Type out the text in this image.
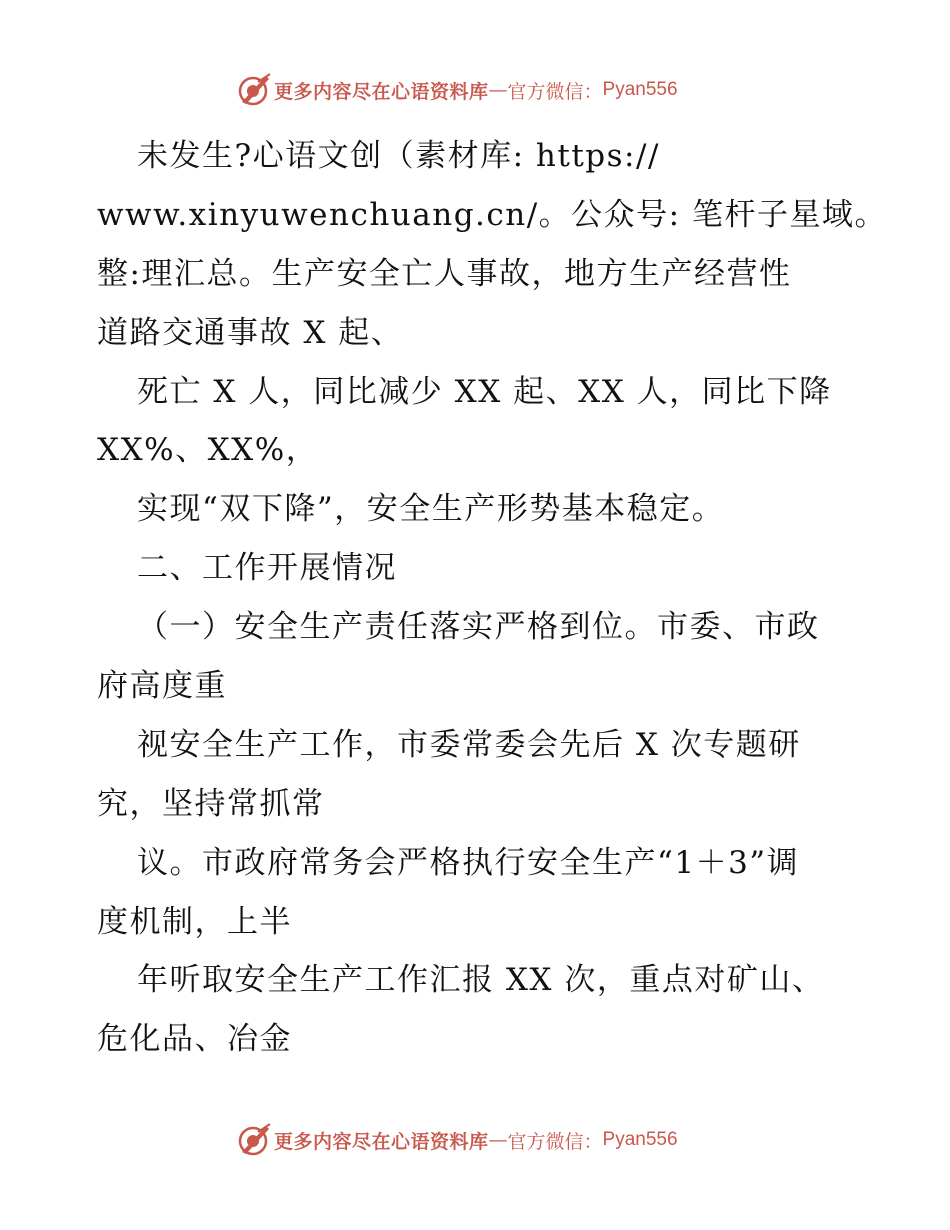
更多内容尽在心语资料库 — 官方微信： Pyan556
未发生?心语文创（素材库: https://
www.xinyuwenchuang.cn/。公众号: 笔杆子星域。
整:理汇总。生产安全亡人事故，地方生产经营性
道路交通事故 X 起、
死亡 X 人，同比减少 XX 起、XX 人，同比下降
XX%、XX%，
实现“双下降”，安全生产形势基本稳定。
二、工作开展情况
（一）安全生产责任落实严格到位。市委、市政
府高度重
视安全生产工作，市委常委会先后 X 次专题研
究，坚持常抓常
议。市政府常务会严格执行安全生产“1＋3”调
度机制，上半
年听取安全生产工作汇报 XX 次，重点对矿山、
危化品、冶金
更多内容尽在心语资料库 — 官方微信： Pyan556
